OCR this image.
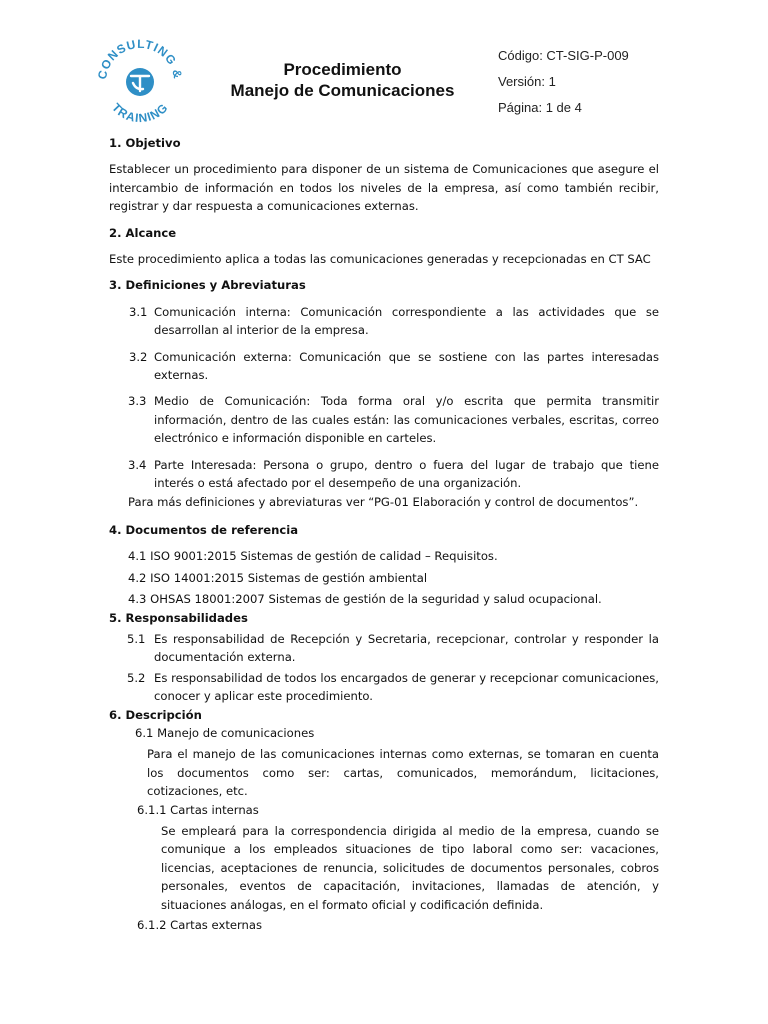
CONSULTING &
TRAINING
Procedimiento
Manejo de Comunicaciones
Código: CT-SIG-P-009
Versión: 1
Página: 1 de 4

1. Objetivo

Establecer un procedimiento para disponer de un sistema de Comunicaciones que asegure el intercambio de información en todos los niveles de la empresa, así como también recibir, registrar y dar respuesta a comunicaciones externas.

2. Alcance

Este procedimiento aplica a todas las comunicaciones generadas y recepcionadas en CT SAC

3. Definiciones y Abreviaturas

3.1 Comunicación interna: Comunicación correspondiente a las actividades que se desarrollan al interior de la empresa.

3.2 Comunicación externa: Comunicación que se sostiene con las partes interesadas externas.

3.3 Medio de Comunicación: Toda forma oral y/o escrita que permita transmitir información, dentro de las cuales están: las comunicaciones verbales, escritas, correo electrónico e información disponible en carteles.

3.4 Parte Interesada: Persona o grupo, dentro o fuera del lugar de trabajo que tiene interés o está afectado por el desempeño de una organización.

Para más definiciones y abreviaturas ver “PG-01 Elaboración y control de documentos”.

4. Documentos de referencia

4.1 ISO 9001:2015 Sistemas de gestión de calidad – Requisitos.

4.2 ISO 14001:2015 Sistemas de gestión ambiental

4.3 OHSAS 18001:2007 Sistemas de gestión de la seguridad y salud ocupacional.

5. Responsabilidades

5.1 Es responsabilidad de Recepción y Secretaria, recepcionar, controlar y responder la documentación externa.

5.2 Es responsabilidad de todos los encargados de generar y recepcionar comunicaciones, conocer y aplicar este procedimiento.

6. Descripción

6.1 Manejo de comunicaciones

Para el manejo de las comunicaciones internas como externas, se tomaran en cuenta los documentos como ser: cartas, comunicados, memorándum, licitaciones, cotizaciones, etc.

6.1.1 Cartas internas

Se empleará para la correspondencia dirigida al medio de la empresa, cuando se comunique a los empleados situaciones de tipo laboral como ser: vacaciones, licencias, aceptaciones de renuncia, solicitudes de documentos personales, cobros personales, eventos de capacitación, invitaciones, llamadas de atención, y situaciones análogas, en el formato oficial y codificación definida.

6.1.2 Cartas externas
